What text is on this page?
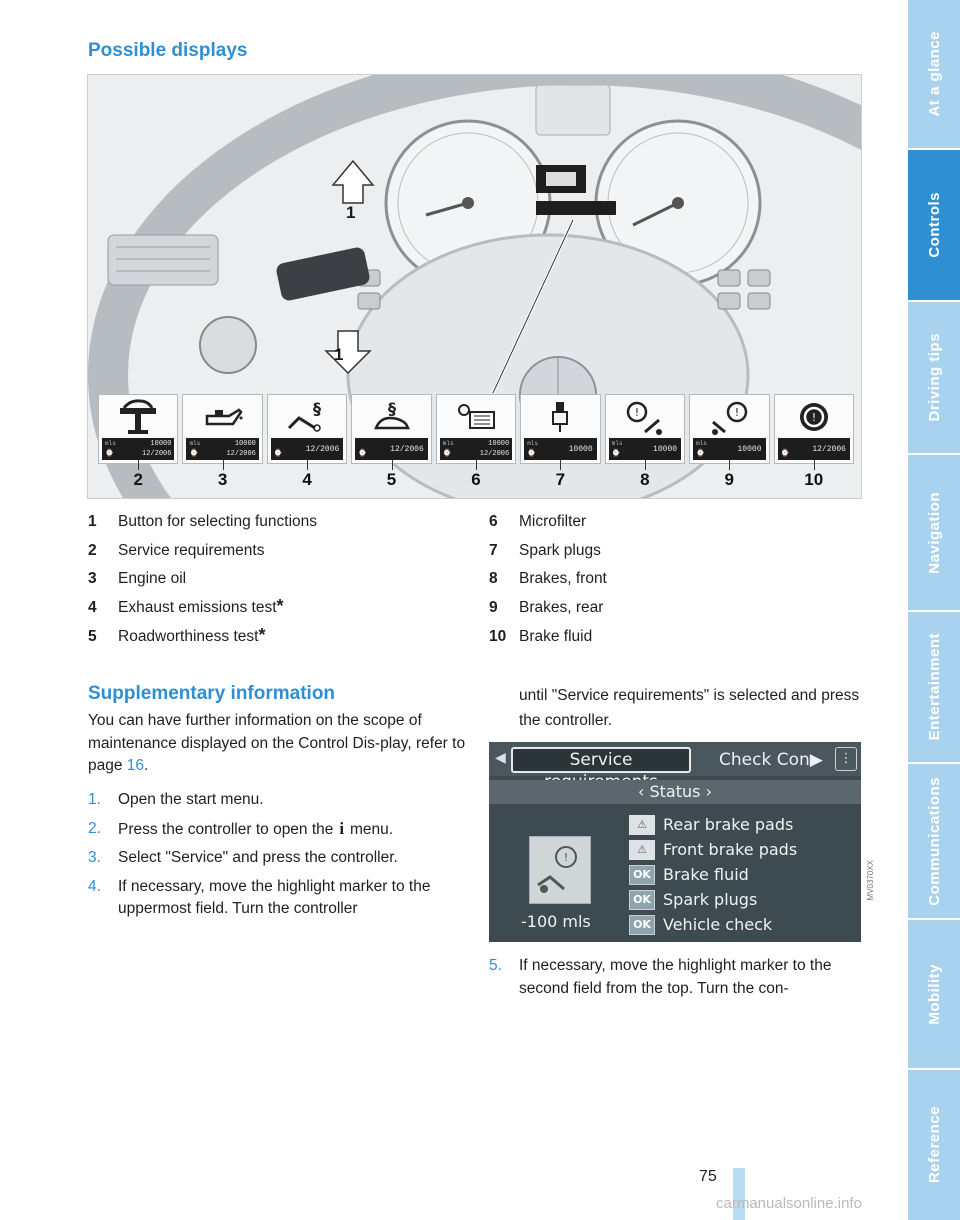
Possible displays
1
1
mls
⌚
10000
12/2006
mls
⌚
10000
12/2006
§
⌚	12/2006
§
⌚	12/2006
mls
⌚
10000
12/2006
mls
⌚	10000
!
mls
⌚	10000
!
mls
⌚	10000
!
⌚	12/2006
2	3	4	5	6	7	8	9	10
1	Button for selecting functions
2	Service requirements
3	Engine oil
4	Exhaust emissions test *
5	Roadworthiness test *
6	Microfilter
7	Spark plugs
8	Brakes, front
9	Brakes, rear
10 Brake fluid
Supplementary information
You can have further information on the scope of maintenance displayed on the Control Dis-play, refer to page 16.
1. Open the start menu.
2. Press the controller to open the i menu.
3. Select "Service" and press the controller.
4. If necessary, move the highlight marker to the uppermost field. Turn the controller
until "Service requirements" is selected and press the controller.
◀	Service	Check Con▶	⋮
‹ Status ›
!
-100 mls
⚠	Rear brake pads
⚠	Front brake pads
OK Brake fluid
OK Spark plugs
OK Vehicle check
MV0370XX
5.	If necessary, move the highlight marker to the second field from the top. Turn the con-
75
At a glance
Controls
Driving tips
Navigation
Entertainment
Communications
Mobility
Reference
carmanualsonline.info
